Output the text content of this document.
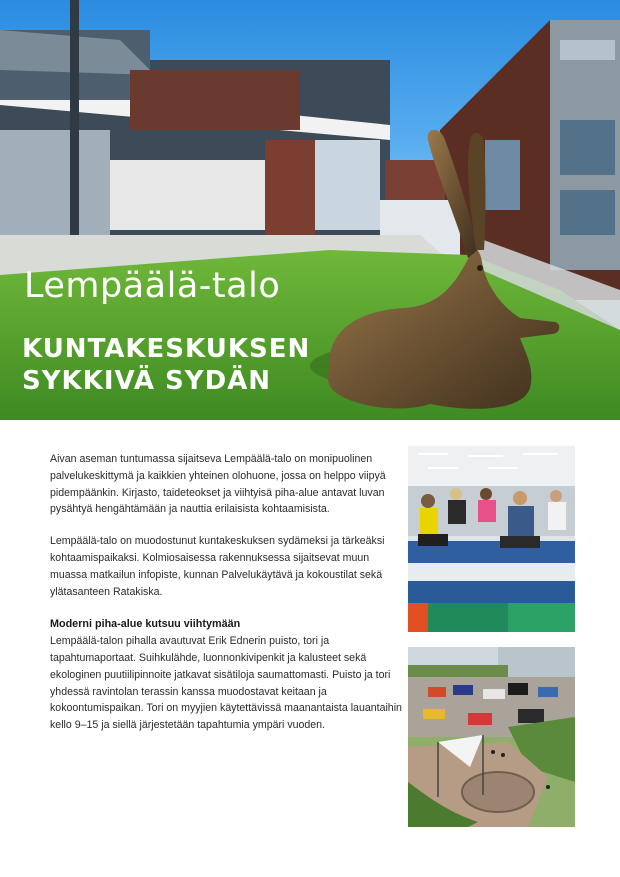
Lempäälä-talo
KUNTAKESKUKSEN
SYKKIVÄ SYDÄN

Aivan aseman tuntumassa sijaitseva Lempäälä-talo on monipuolinen palvelukeskittymä ja kaikkien yhteinen olohuone, jossa on helppo viipyä pidempäänkin. Kirjasto, taideteokset ja viihtyisä piha-alue antavat luvan pysähtyä hengähtämään ja nauttia erilaisista kohtaamisista.

Lempäälä-talo on muodostunut kuntakeskuksen sydämeksi ja tärkeäksi kohtaamispaikaksi. Kolmiosaisessa rakennuksessa sijaitsevat muun muassa matkailun infopiste, kunnan Palvelukäytävä ja kokoustilat sekä ylätasanteen Ratakiska.

Moderni piha-alue kutsuu viihtymään

Lempäälä-talon pihalla avautuvat Erik Ednerin puisto, tori ja tapahtumaportaat. Suihkulähde, luonnonkivipenkit ja kalusteet sekä ekologinen puutiilipinnoite jatkavat sisätiloja saumattomasti. Puisto ja tori yhdessä ravintolan terassin kanssa muodostavat keitaan ja kokoontumispaikan. Tori on myyjien käytettävissä maanantaista lauantaihin kello 9–15 ja siellä järjestetään tapahtumia ympäri vuoden.
